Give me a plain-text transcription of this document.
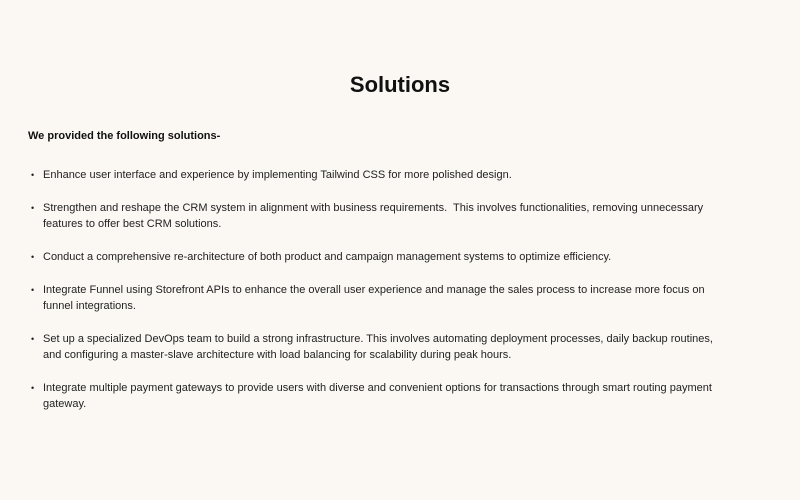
Solutions

We provided the following solutions-

• Enhance user interface and experience by implementing Tailwind CSS for more polished design.
• Strengthen and reshape the CRM system in alignment with business requirements.  This involves functionalities, removing unnecessary features to offer best CRM solutions.
• Conduct a comprehensive re-architecture of both product and campaign management systems to optimize efficiency.
• Integrate Funnel using Storefront APIs to enhance the overall user experience and manage the sales process to increase more focus on funnel integrations.
• Set up a specialized DevOps team to build a strong infrastructure. This involves automating deployment processes, daily backup routines, and configuring a master-slave architecture with load balancing for scalability during peak hours.
• Integrate multiple payment gateways to provide users with diverse and convenient options for transactions through smart routing payment gateway.
